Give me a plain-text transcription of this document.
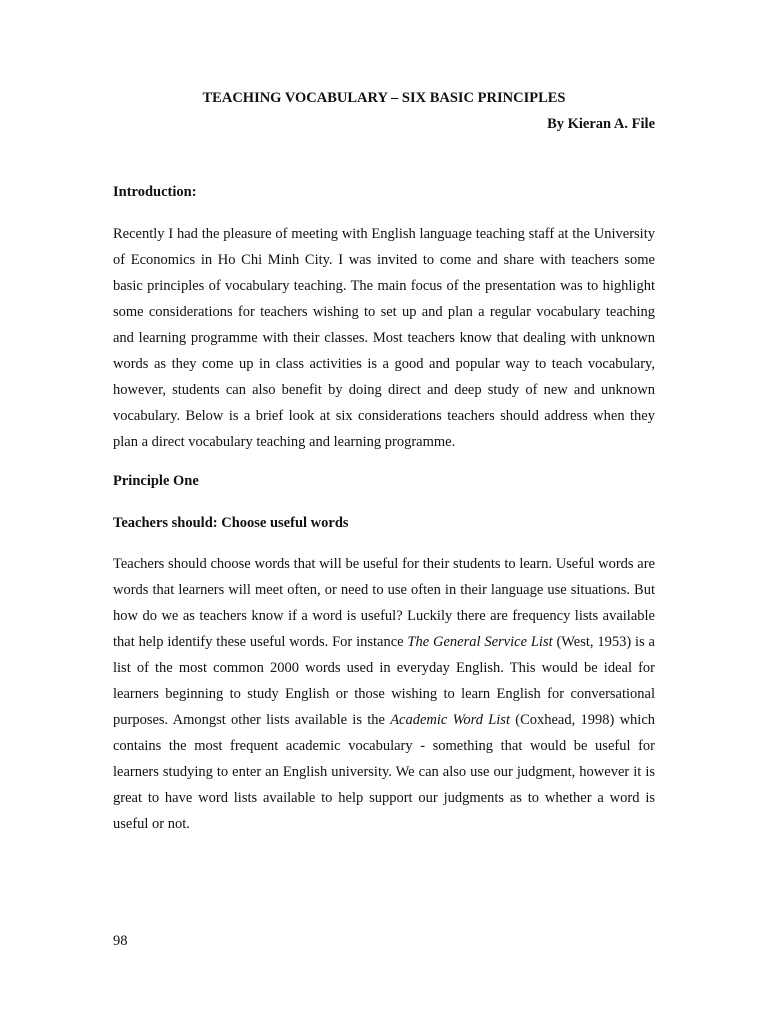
TEACHING VOCABULARY – SIX BASIC PRINCIPLES

By Kieran A. File

Introduction:

Recently I had the pleasure of meeting with English language teaching staff at the University of Economics in Ho Chi Minh City. I was invited to come and share with teachers some basic principles of vocabulary teaching. The main focus of the presentation was to highlight some considerations for teachers wishing to set up and plan a regular vocabulary teaching and learning programme with their classes. Most teachers know that dealing with unknown words as they come up in class activities is a good and popular way to teach vocabulary, however, students can also benefit by doing direct and deep study of new and unknown vocabulary. Below is a brief look at six considerations teachers should address when they plan a direct vocabulary teaching and learning programme.

Principle One

Teachers should: Choose useful words

Teachers should choose words that will be useful for their students to learn. Useful words are words that learners will meet often, or need to use often in their language use situations. But how do we as teachers know if a word is useful? Luckily there are frequency lists available that help identify these useful words. For instance The General Service List (West, 1953) is a list of the most common 2000 words used in everyday English. This would be ideal for learners beginning to study English or those wishing to learn English for conversational purposes. Amongst other lists available is the Academic Word List (Coxhead, 1998) which contains the most frequent academic vocabulary - something that would be useful for learners studying to enter an English university. We can also use our judgment, however it is great to have word lists available to help support our judgments as to whether a word is useful or not.

98
